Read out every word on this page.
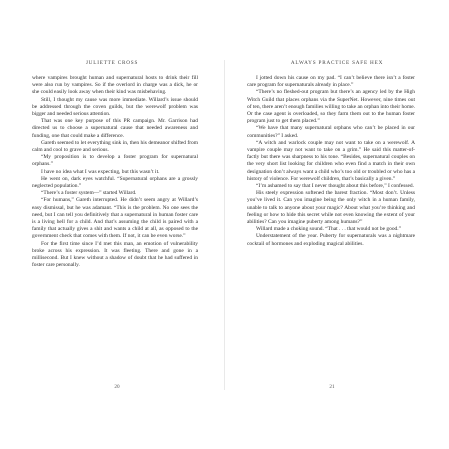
JULIETTE CROSS

where vampires brought human and supernatural hosts to drink their fill were also run by vampires. So if the overlord in charge was a dick, he or she could easily look away when their kind was misbehaving.

Still, I thought my cause was more immediate. Willard’s issue should be addressed through the coven guilds, but the werewolf problem was bigger and needed serious attention.

That was one key purpose of this PR campaign. Mr. Garrison had directed us to choose a supernatural cause that needed awareness and funding, one that could make a difference.

Gareth seemed to let everything sink in, then his demeanor shifted from calm and cool to grave and serious.

“My proposition is to develop a foster program for supernatural orphans.”

I have no idea what I was expecting, but this wasn’t it.

He went on, dark eyes watchful. “Supernatural orphans are a grossly neglected population.”

“There’s a foster system—” started Willard.

“For humans,” Gareth interrupted. He didn’t seem angry at Willard’s easy dismissal, but he was adamant. “This is the problem. No one sees the need, but I can tell you definitively that a supernatural in human foster care is a living hell for a child. And that’s assuming the child is paired with a family that actually gives a shit and wants a child at all, as opposed to the government check that comes with them. If not, it can be even worse.”

For the first time since I’d met this man, an emotion of vulnerability broke across his expression. It was fleeting. There and gone in a millisecond. But I knew without a shadow of doubt that he had suffered in foster care personally.

20
ALWAYS PRACTICE SAFE HEX

I jotted down his cause on my pad. “I can’t believe there isn’t a foster care program for supernaturals already in place.”

“There’s no fleshed-out program but there’s an agency led by the High Witch Guild that places orphans via the SuperNet. However, nine times out of ten, there aren’t enough families willing to take an orphan into their home. Or the case agent is overloaded, so they farm them out to the human foster program just to get them placed.”

“We have that many supernatural orphans who can’t be placed in our communities?” I asked.

“A witch and warlock couple may not want to take on a werewolf. A vampire couple may not want to take on a grim.” He said this matter-of-factly but there was sharpness to his tone. “Besides, supernatural couples on the very short list looking for children who even find a match in their own designation don’t always want a child who’s too old or troubled or who has a history of violence. For werewolf children, that’s basically a given.”

“I’m ashamed to say that I never thought about this before,” I confessed.

His steely expression softened the barest fraction. “Most don’t. Unless you’ve lived it. Can you imagine being the only witch in a human family, unable to talk to anyone about your magic? About what you’re thinking and feeling or how to hide this secret while not even knowing the extent of your abilities? Can you imagine puberty among humans?”

Willard made a choking sound. “That . . . that would not be good.”

Understatement of the year. Puberty for supernaturals was a nightmare cocktail of hormones and exploding magical abilities.

21
